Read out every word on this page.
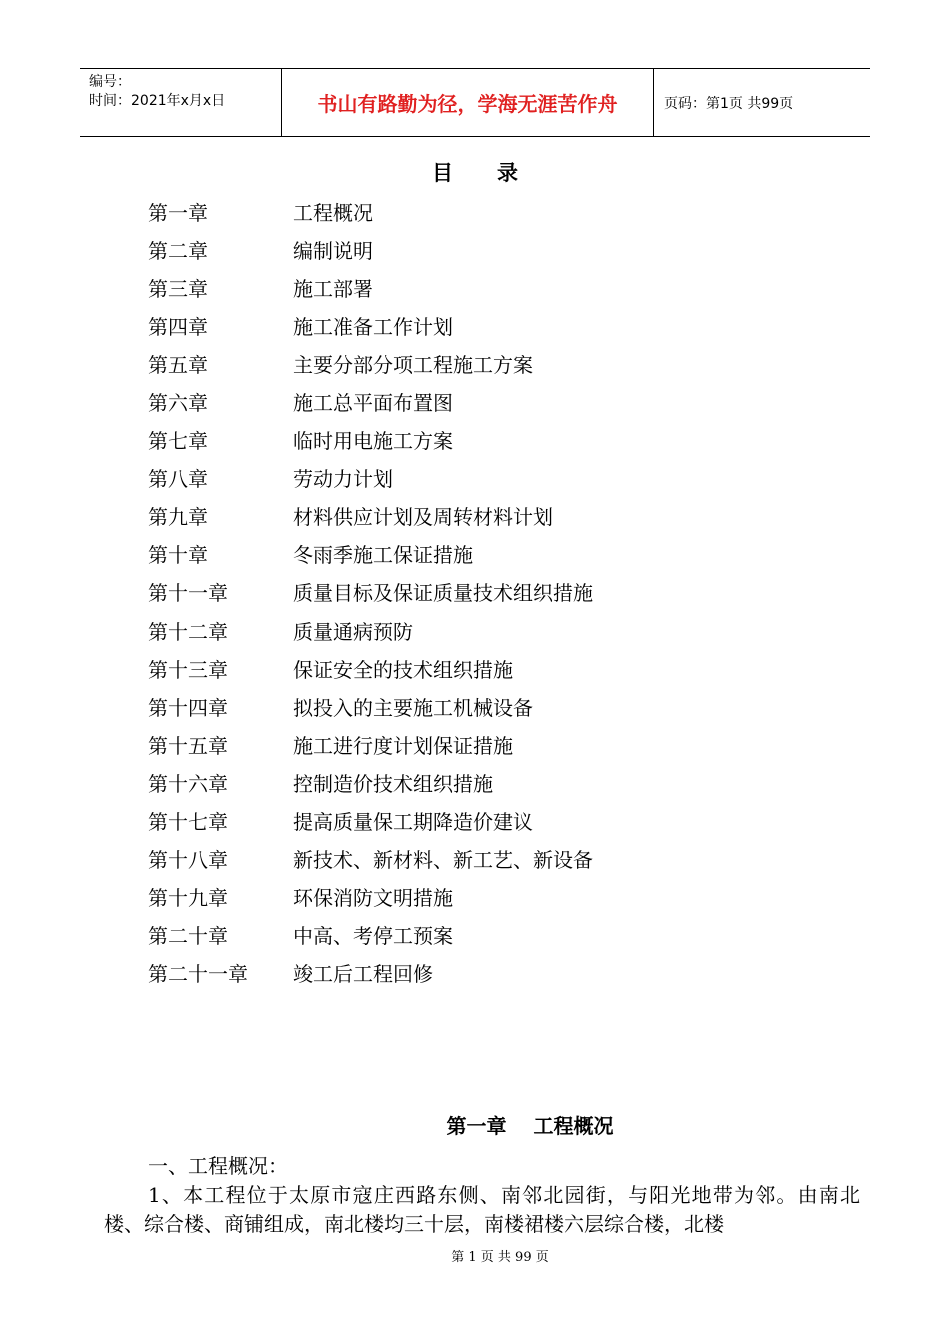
编号：
时间：2021年x月x日	书山有路勤为径，学海无涯苦作舟	页码：第1页 共99页
目录
第一章	工程概况
第二章	编制说明
第三章	施工部署
第四章	施工准备工作计划
第五章	主要分部分项工程施工方案
第六章	施工总平面布置图
第七章	临时用电施工方案
第八章	劳动力计划
第九章	材料供应计划及周转材料计划
第十章	冬雨季施工保证措施
第十一章	质量目标及保证质量技术组织措施
第十二章	质量通病预防
第十三章	保证安全的技术组织措施
第十四章	拟投入的主要施工机械设备
第十五章	施工进行度计划保证措施
第十六章	控制造价技术组织措施
第十七章	提高质量保工期降造价建议
第十八章	新技术、新材料、新工艺、新设备
第十九章	环保消防文明措施
第二十章	中高、考停工预案
第二十一章	竣工后工程回修
第一章 工程概况
一、工程概况：
1、本工程位于太原市寇庄西路东侧、南邻北园街，与阳光地带为邻。由南北楼、综合楼、商铺组成，南北楼均三十层，南楼裙楼六层综合楼，北楼
第 1 页 共 99 页
